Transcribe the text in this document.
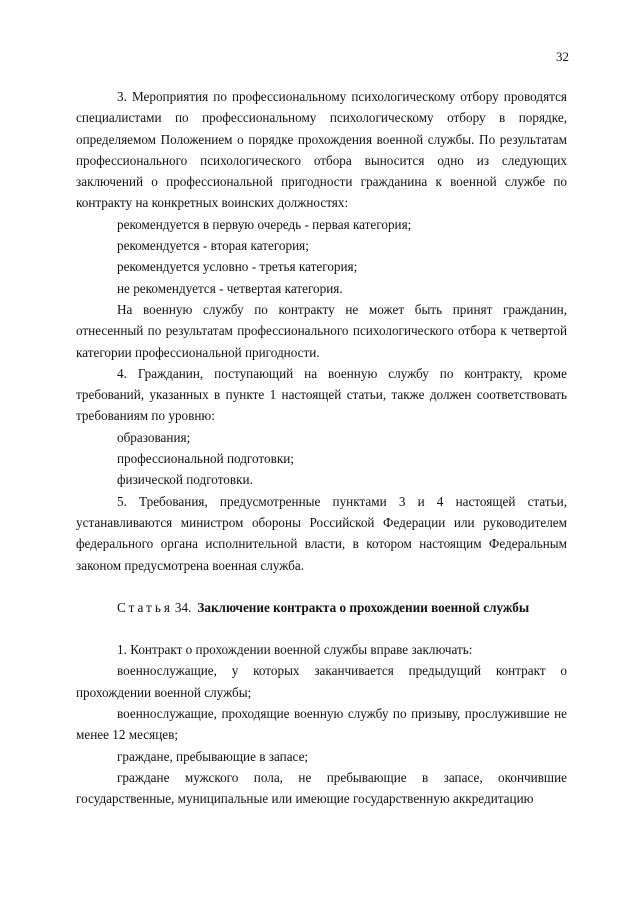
32

3. Мероприятия по профессиональному психологическому отбору проводятся специалистами по профессиональному психологическому отбору в порядке, определяемом Положением о порядке прохождения военной службы. По результатам профессионального психологического отбора выносится одно из следующих заключений о профессиональной пригодности гражданина к военной службе по контракту на конкретных воинских должностях:

рекомендуется в первую очередь - первая категория;
рекомендуется - вторая категория;
рекомендуется условно - третья категория;
не рекомендуется - четвертая категория.

На военную службу по контракту не может быть принят гражданин, отнесенный по результатам профессионального психологического отбора к четвертой категории профессиональной пригодности.

4. Гражданин, поступающий на военную службу по контракту, кроме требований, указанных в пункте 1 настоящей статьи, также должен соответствовать требованиям по уровню:

образования;
профессиональной подготовки;
физической подготовки.

5. Требования, предусмотренные пунктами 3 и 4 настоящей статьи, устанавливаются министром обороны Российской Федерации или руководителем федерального органа исполнительной власти, в котором настоящим Федеральным законом предусмотрена военная служба.

Статья 34. Заключение контракта о прохождении военной службы

1. Контракт о прохождении военной службы вправе заключать:

военнослужащие, у которых заканчивается предыдущий контракт о прохождении военной службы;

военнослужащие, проходящие военную службу по призыву, прослужившие не менее 12 месяцев;

граждане, пребывающие в запасе;

граждане мужского пола, не пребывающие в запасе, окончившие государственные, муниципальные или имеющие государственную аккредитацию
